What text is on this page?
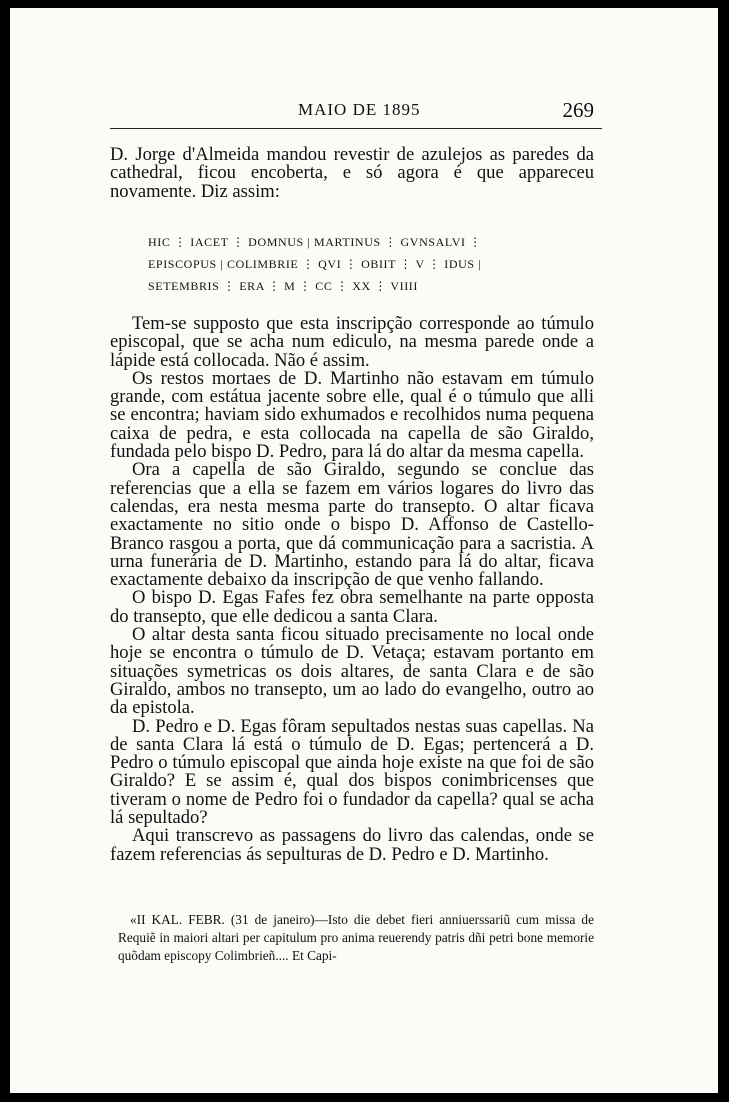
MAIO DE 1895	269

D. Jorge d'Almeida mandou revestir de azulejos as paredes da cathedral, ficou encoberta, e só agora é que appareceu novamente. Diz assim:

HIC ⋮ IACET ⋮ DOMNUS | MARTINUS ⋮ GVNSALVI ⋮
EPISCOPUS | COLIMBRIE ⋮ QVI ⋮ OBIIT ⋮ V ⋮ IDUS |
SETEMBRIS ⋮ ERA ⋮ M ⋮ CC ⋮ XX ⋮ VIIII

Tem-se supposto que esta inscripção corresponde ao túmulo episcopal, que se acha num ediculo, na mesma parede onde a lápide está collocada. Não é assim.

Os restos mortaes de D. Martinho não estavam em túmulo grande, com estátua jacente sobre elle, qual é o túmulo que alli se encontra; haviam sido exhumados e recolhidos numa pequena caixa de pedra, e esta collocada na capella de são Giraldo, fundada pelo bispo D. Pedro, para lá do altar da mesma capella.

Ora a capella de são Giraldo, segundo se conclue das referencias que a ella se fazem em vários logares do livro das calendas, era nesta mesma parte do transepto. O altar ficava exactamente no sitio onde o bispo D. Affonso de Castello-Branco rasgou a porta, que dá communicação para a sacristia. A urna funerária de D. Martinho, estando para lá do altar, ficava exactamente debaixo da inscripção de que venho fallando.

O bispo D. Egas Fafes fez obra semelhante na parte opposta do transepto, que elle dedicou a santa Clara.

O altar desta santa ficou situado precisamente no local onde hoje se encontra o túmulo de D. Vetaça; estavam portanto em situações symetricas os dois altares, de santa Clara e de são Giraldo, ambos no transepto, um ao lado do evangelho, outro ao da epistola.

D. Pedro e D. Egas fôram sepultados nestas suas capellas. Na de santa Clara lá está o túmulo de D. Egas; pertencerá a D. Pedro o túmulo episcopal que ainda hoje existe na que foi de são Giraldo? E se assim é, qual dos bispos conimbricenses que tiveram o nome de Pedro foi o fundador da capella? qual se acha lá sepultado?

Aqui transcrevo as passagens do livro das calendas, onde se fazem referencias ás sepulturas de D. Pedro e D. Martinho.

«II KAL. FEBR. (31 de janeiro)—Isto die debet fieri anniuerssariũ cum missa de Requiẽ in maiori altari per capitulum pro anima reuerendy patris dñi petri bone memorie quõdam episcopy Colimbrieñ.... Et Capi-
